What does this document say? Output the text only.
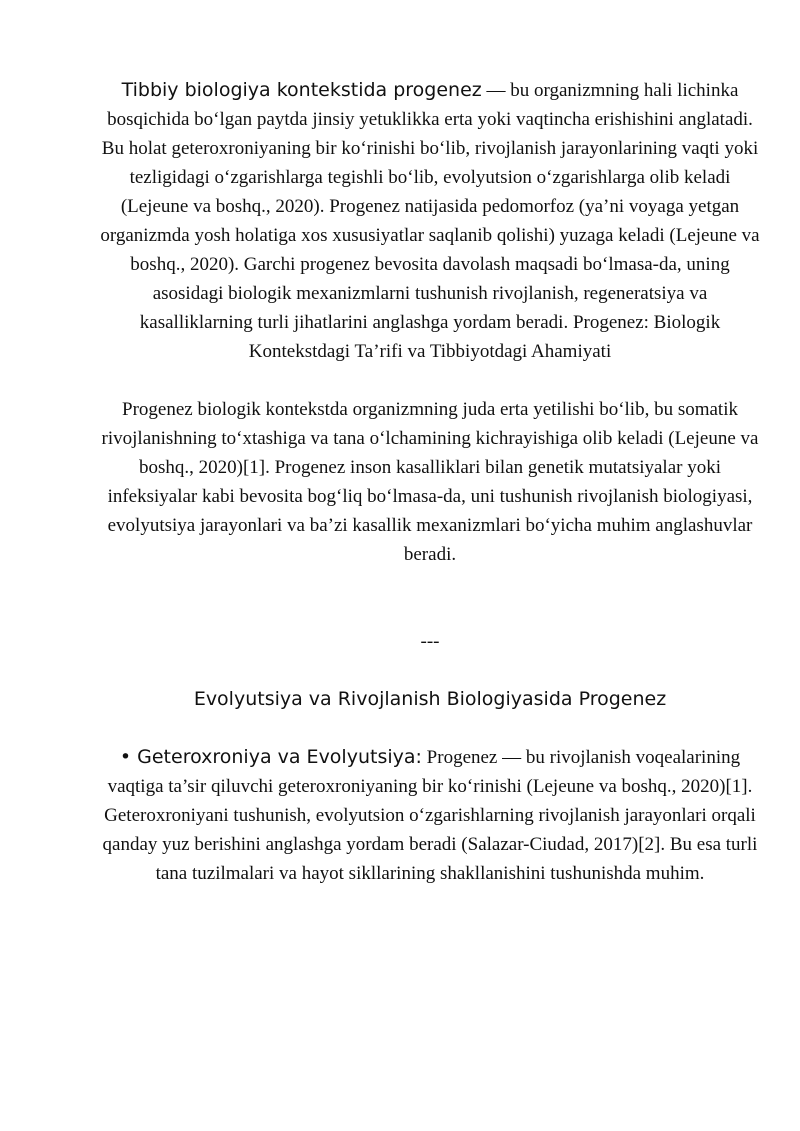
Tibbiy biologiya kontekstida progenez — bu organizmning hali lichinka bosqichida bo‘lgan paytda jinsiy yetuklikka erta yoki vaqtincha erishishini anglatadi. Bu holat geteroxroniyaning bir ko‘rinishi bo‘lib, rivojlanish jarayonlarining vaqti yoki tezligidagi o‘zgarishlarga tegishli bo‘lib, evolyutsion o‘zgarishlarga olib keladi (Lejeune va boshq., 2020). Progenez natijasida pedomorfoz (ya’ni voyaga yetgan organizmda yosh holatiga xos xususiyatlar saqlanib qolishi) yuzaga keladi (Lejeune va boshq., 2020). Garchi progenez bevosita davolash maqsadi bo‘lmasa-da, uning asosidagi biologik mexanizmlarni tushunish rivojlanish, regeneratsiya va kasalliklarning turli jihatlarini anglashga yordam beradi. Progenez: Biologik Kontekstdagi Ta’rifi va Tibbiyotdagi Ahamiyati

Progenez biologik kontekstda organizmning juda erta yetilishi bo‘lib, bu somatik rivojlanishning to‘xtashiga va tana o‘lchamining kichrayishiga olib keladi (Lejeune va boshq., 2020)[1]. Progenez inson kasalliklari bilan genetik mutatsiyalar yoki infeksiyalar kabi bevosita bog‘liq bo‘lmasa-da, uni tushunish rivojlanish biologiyasi, evolyutsiya jarayonlari va ba’zi kasallik mexanizmlari bo‘yicha muhim anglashuvlar beradi.

---

Evolyutsiya va Rivojlanish Biologiyasida Progenez

• Geteroxroniya va Evolyutsiya: Progenez — bu rivojlanish voqealarining vaqtiga ta’sir qiluvchi geteroxroniyaning bir ko‘rinishi (Lejeune va boshq., 2020)[1]. Geteroxroniyani tushunish, evolyutsion o‘zgarishlarning rivojlanish jarayonlari orqali qanday yuz berishini anglashga yordam beradi (Salazar-Ciudad, 2017)[2]. Bu esa turli tana tuzilmalari va hayot sikllarining shakllanishini tushunishda muhim.
